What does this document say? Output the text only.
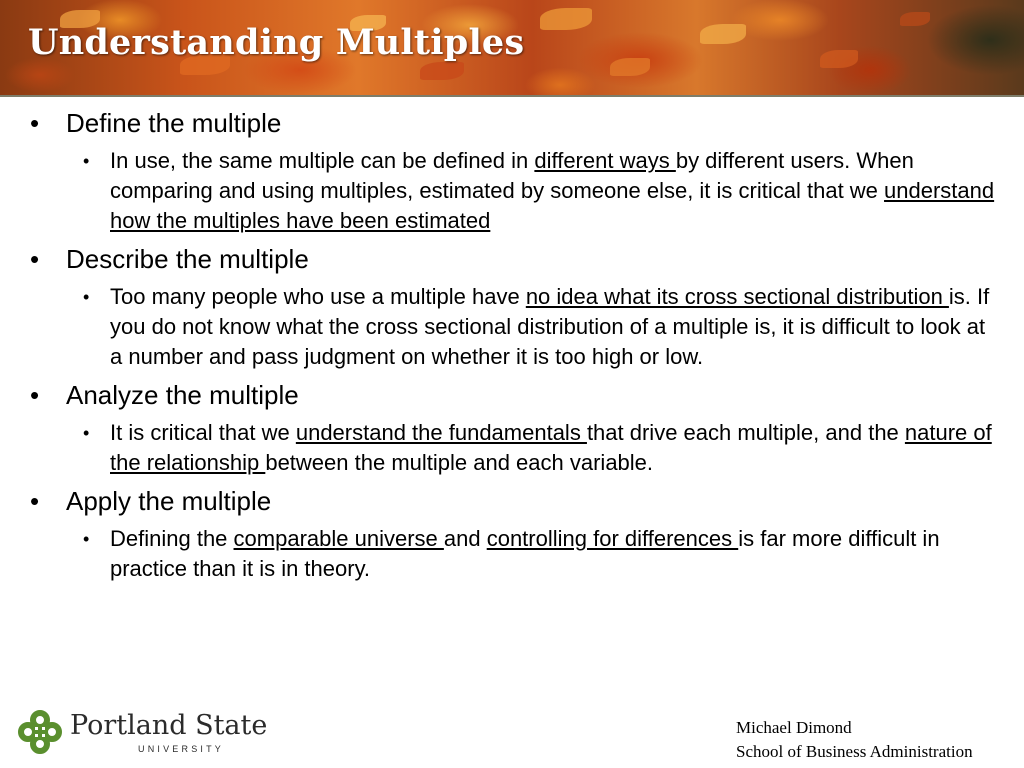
Understanding Multiples
• Define the multiple
• In use, the same multiple can be defined in different ways by different users. When comparing and using multiples, estimated by someone else, it is critical that we understand how the multiples have been estimated
• Describe the multiple
• Too many people who use a multiple have no idea what its cross sectional distribution is. If you do not know what the cross sectional distribution of a multiple is, it is difficult to look at a number and pass judgment on whether it is too high or low.
• Analyze the multiple
• It is critical that we understand the fundamentals that drive each multiple, and the nature of the relationship between the multiple and each variable.
• Apply the multiple
• Defining the comparable universe and controlling for differences is far more difficult in practice than it is in theory.
Portland State
UNIVERSITY
Michael Dimond
School of Business Administration
